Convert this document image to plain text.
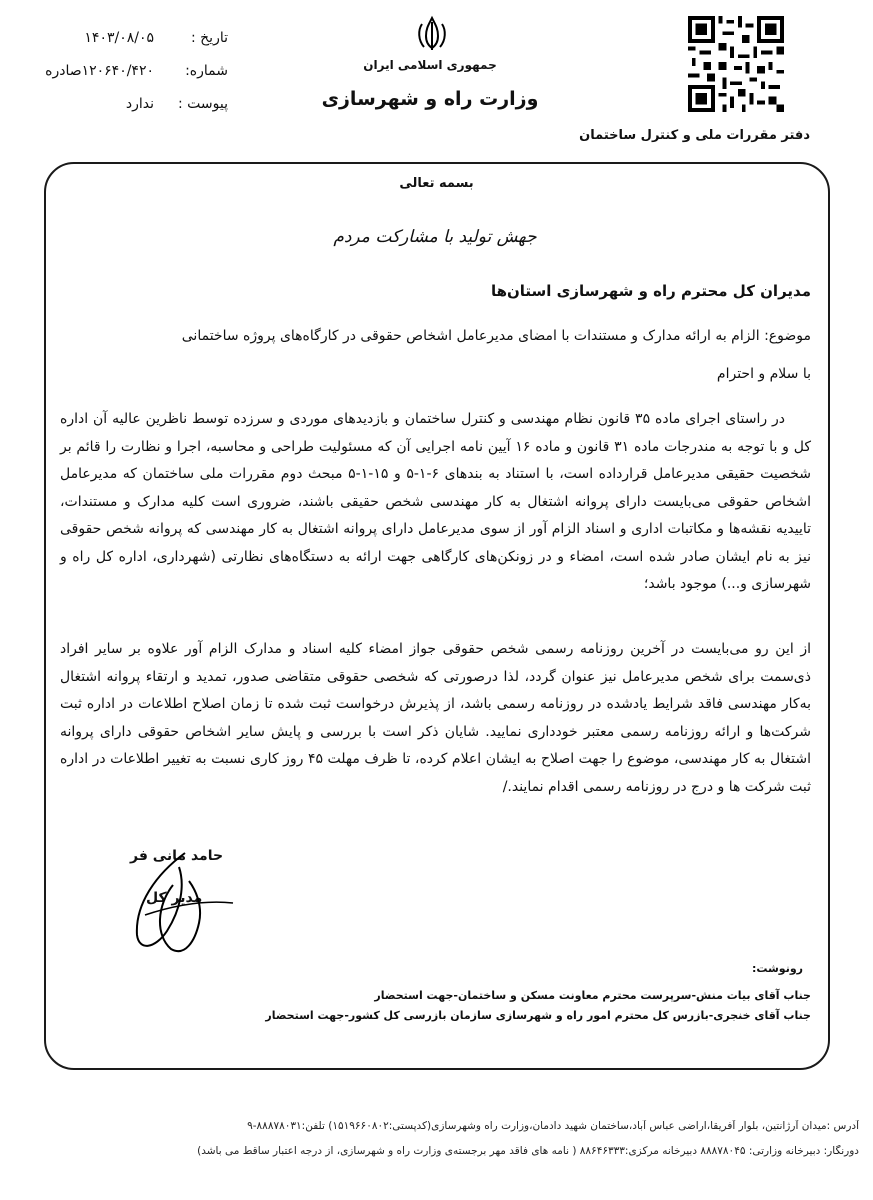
جمهوری اسلامی ایران
وزارت راه و شهرسازی
دفتر مقررات ملی و کنترل ساختمان
تاریخ :
۱۴۰۳/۰۸/۰۵
شماره:
۱۲۰۶۴۰/۴۲۰صادره
پیوست :
ندارد
بسمه تعالی
جهش تولید با مشارکت مردم
مدیران کل محترم راه و شهرسازی استان‌ها
موضوع: الزام به ارائه مدارک و مستندات با امضای مدیرعامل اشخاص حقوقی در کارگاه‌های پروژه ساختمانی
با سلام و احترام
در راستای اجرای ماده ۳۵ قانون نظام مهندسی و کنترل ساختمان و بازدیدهای موردی و سرزده توسط ناظرین عالیه آن اداره کل و با توجه به مندرجات ماده ۳۱ قانون و ماده ۱۶ آیین نامه اجرایی آن که مسئولیت طراحی و محاسبه، اجرا و نظارت را قائم بر شخصیت حقیقی مدیرعامل قرارداده است، با استناد به بندهای ۶-۱-۵ و ۱۵-۱-۵ مبحث دوم مقررات ملی ساختمان که مدیرعامل اشخاص حقوقی می‌بایست دارای پروانه اشتغال به کار مهندسی شخص حقیقی باشند، ضروری است کلیه مدارک و مستندات، تاییدیه نقشه‌ها و مکاتبات اداری و اسناد الزام آور از سوی مدیرعامل دارای پروانه اشتغال به کار مهندسی که پروانه شخص حقوقی نیز به نام ایشان صادر شده است، امضاء و در زونکن‌های کارگاهی جهت ارائه به دستگاه‌های نظارتی (شهرداری، اداره کل راه و شهرسازی و...) موجود باشد؛
از این رو می‌بایست در آخرین روزنامه رسمی شخص حقوقی جواز امضاء کلیه اسناد و مدارک الزام آور علاوه بر سایر افراد ذی‌سمت برای شخص مدیرعامل نیز عنوان گردد، لذا درصورتی که شخصی حقوقی متقاضی صدور، تمدید و ارتقاء پروانه اشتغال به‌کار مهندسی فاقد شرایط یادشده در روزنامه رسمی باشد، از پذیرش درخواست ثبت شده تا زمان اصلاح اطلاعات در اداره ثبت شرکت‌ها و ارائه روزنامه رسمی معتبر خودداری نمایید. شایان ذکر است با بررسی و پایش سایر اشخاص حقوقی دارای پروانه اشتغال به کار مهندسی، موضوع را جهت اصلاح به ایشان اعلام کرده، تا ظرف مهلت ۴۵ روز کاری نسبت به تغییر اطلاعات در اداره ثبت شرکت ها و درج در روزنامه رسمی اقدام نمایند./
حامد مانی فر
مدیر کل
رونوشت:
جناب آقای بیات منش-سرپرست محترم معاونت مسکن و ساختمان-جهت استحضار
جناب آقای خنجری-بازرس کل محترم امور راه و شهرسازی سازمان بازرسی کل کشور-جهت استحضار
آدرس :میدان آرژانتین، بلوار آفریقا،اراضی عباس آباد،ساختمان شهید دادمان،وزارت راه وشهرسازی(کدپستی:۱۵۱۹۶۶۰۸۰۲) تلفن:۸۸۸۷۸۰۳۱-۹
دورنگار: دبیرخانه وزارتی: ۸۸۸۷۸۰۴۵ دبیرخانه مرکزی:۸۸۶۴۶۳۳۳ ( نامه های فاقد مهر برجسته‌ی وزارت راه و شهرسازی، از درجه اعتبار ساقط می باشد)
